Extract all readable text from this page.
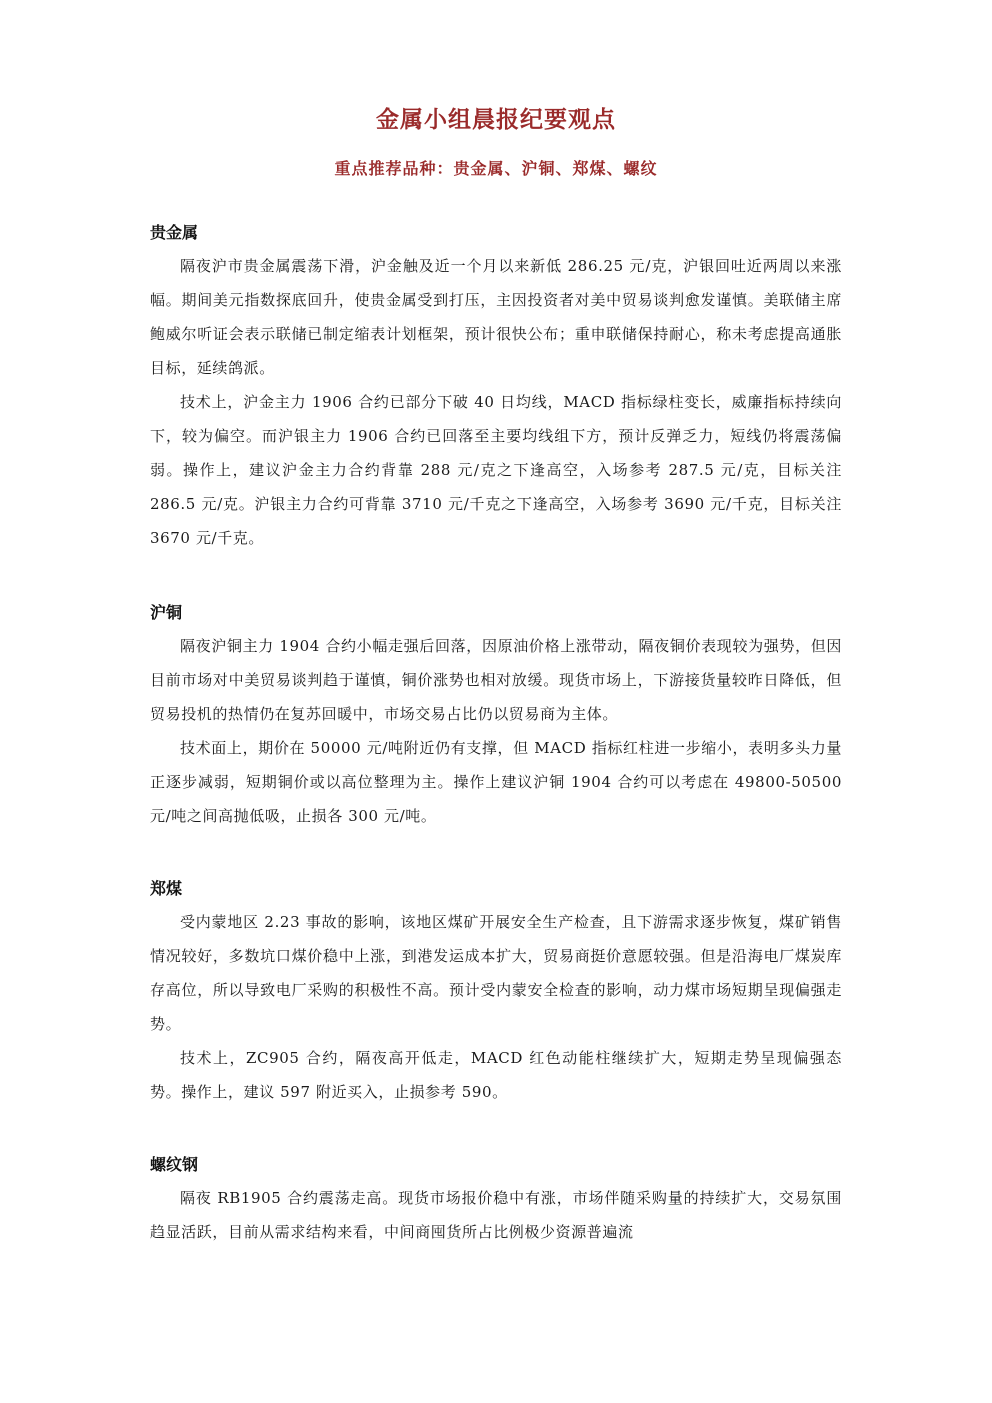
金属小组晨报纪要观点
重点推荐品种：贵金属、沪铜、郑煤、螺纹
贵金属

隔夜沪市贵金属震荡下滑，沪金触及近一个月以来新低 286.25 元/克，沪银回吐近两周以来涨幅。期间美元指数探底回升，使贵金属受到打压，主因投资者对美中贸易谈判愈发谨慎。美联储主席鲍威尔听证会表示联储已制定缩表计划框架，预计很快公布；重申联储保持耐心，称未考虑提高通胀目标，延续鸽派。

技术上，沪金主力 1906 合约已部分下破 40 日均线，MACD 指标绿柱变长，威廉指标持续向下，较为偏空。而沪银主力 1906 合约已回落至主要均线组下方，预计反弹乏力，短线仍将震荡偏弱。操作上，建议沪金主力合约背靠 288 元/克之下逢高空，入场参考 287.5 元/克，目标关注 286.5 元/克。沪银主力合约可背靠 3710 元/千克之下逢高空，入场参考 3690 元/千克，目标关注 3670 元/千克。

沪铜

隔夜沪铜主力 1904 合约小幅走强后回落，因原油价格上涨带动，隔夜铜价表现较为强势，但因目前市场对中美贸易谈判趋于谨慎，铜价涨势也相对放缓。现货市场上，下游接货量较昨日降低，但贸易投机的热情仍在复苏回暖中，市场交易占比仍以贸易商为主体。

技术面上，期价在 50000 元/吨附近仍有支撑，但 MACD 指标红柱进一步缩小，表明多头力量正逐步减弱，短期铜价或以高位整理为主。操作上建议沪铜 1904 合约可以考虑在 49800-50500 元/吨之间高抛低吸，止损各 300 元/吨。

郑煤

受内蒙地区 2.23 事故的影响，该地区煤矿开展安全生产检查，且下游需求逐步恢复，煤矿销售情况较好，多数坑口煤价稳中上涨，到港发运成本扩大，贸易商挺价意愿较强。但是沿海电厂煤炭库存高位，所以导致电厂采购的积极性不高。预计受内蒙安全检查的影响，动力煤市场短期呈现偏强走势。

技术上，ZC905 合约，隔夜高开低走，MACD 红色动能柱继续扩大，短期走势呈现偏强态势。操作上，建议 597 附近买入，止损参考 590。

螺纹钢

隔夜 RB1905 合约震荡走高。现货市场报价稳中有涨，市场伴随采购量的持续扩大，交易氛围趋显活跃，目前从需求结构来看，中间商囤货所占比例极少资源普遍流
